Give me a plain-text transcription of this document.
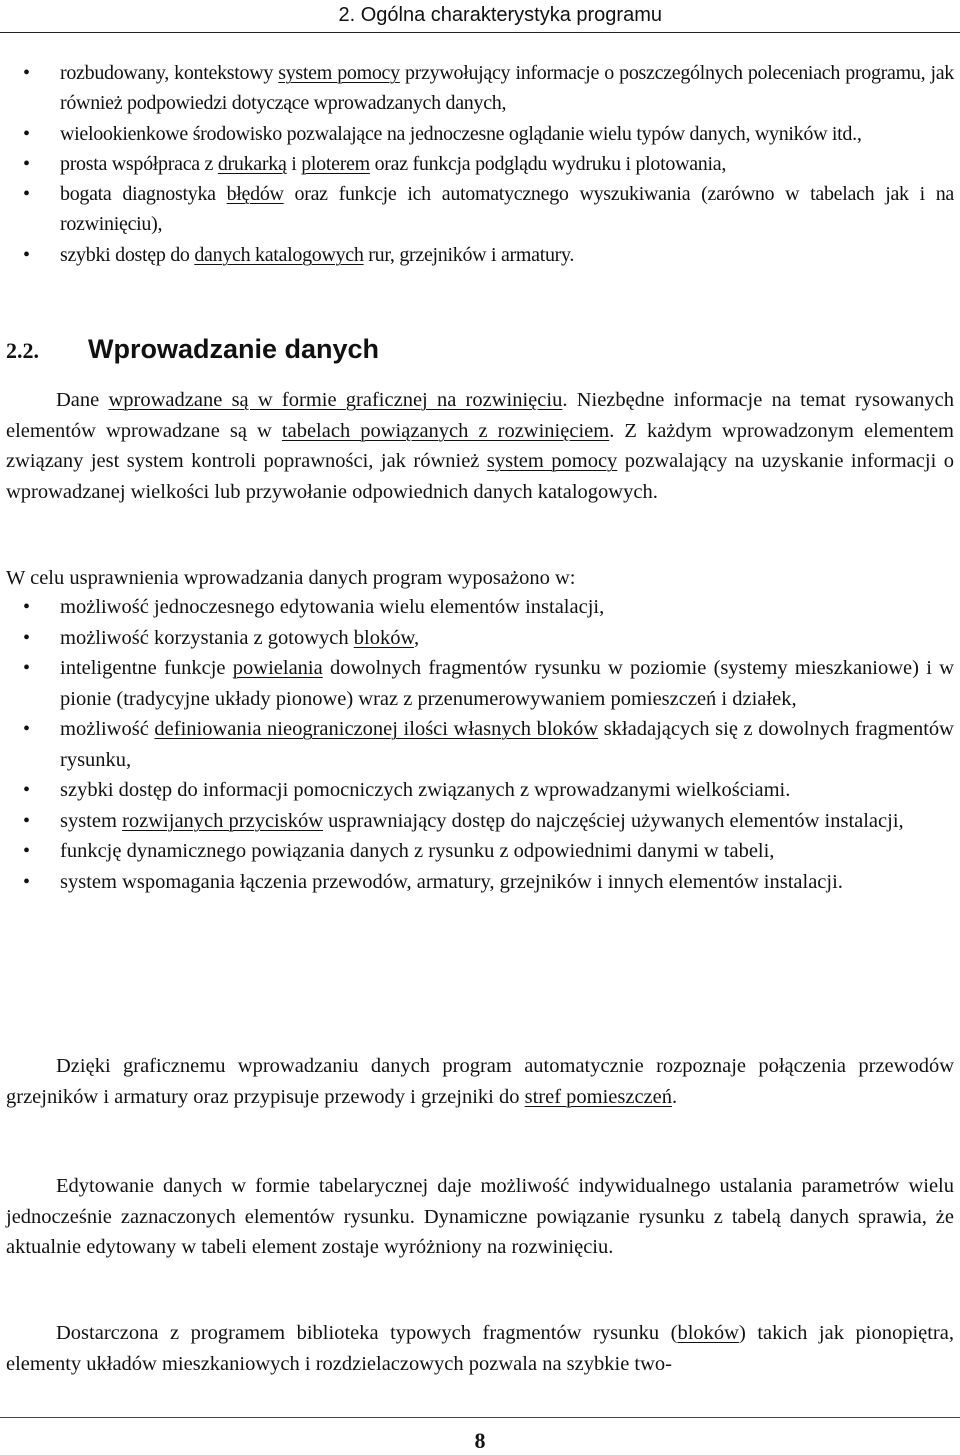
2. Ogólna charakterystyka programu
• rozbudowany, kontekstowy system pomocy przywołujący informacje o poszczególnych poleceniach programu, jak również podpowiedzi dotyczące wprowadzanych danych,
• wielookienkowe środowisko pozwalające na jednoczesne oglądanie wielu typów danych, wyników itd.,
• prosta współpraca z drukarką i ploterem oraz funkcja podglądu wydruku i plotowania,
• bogata diagnostyka błędów oraz funkcje ich automatycznego wyszukiwania (zarówno w tabelach jak i na rozwinięciu),
• szybki dostęp do danych katalogowych rur, grzejników i armatury.
2.2. Wprowadzanie danych

Dane wprowadzane są w formie graficznej na rozwinięciu. Niezbędne informacje na temat rysowanych elementów wprowadzane są w tabelach powiązanych z rozwinięciem. Z każdym wprowadzonym elementem związany jest system kontroli poprawności, jak również system pomocy pozwalający na uzyskanie informacji o wprowadzanej wielkości lub przywołanie odpowiednich danych katalogowych.

W celu usprawnienia wprowadzania danych program wyposażono w:

• możliwość jednoczesnego edytowania wielu elementów instalacji,
• możliwość korzystania z gotowych bloków,
• inteligentne funkcje powielania dowolnych fragmentów rysunku w poziomie (systemy mieszkaniowe) i w pionie (tradycyjne układy pionowe) wraz z przenumerowywaniem pomieszczeń i działek,
• możliwość definiowania nieograniczonej ilości własnych bloków składających się z dowolnych fragmentów rysunku,
• szybki dostęp do informacji pomocniczych związanych z wprowadzanymi wielkościami.
• system rozwijanych przycisków usprawniający dostęp do najczęściej używanych elementów instalacji,
• funkcję dynamicznego powiązania danych z rysunku z odpowiednimi danymi w tabeli,
• system wspomagania łączenia przewodów, armatury, grzejników i innych elementów instalacji.

Dzięki graficznemu wprowadzaniu danych program automatycznie rozpoznaje połączenia przewodów grzejników i armatury oraz przypisuje przewody i grzejniki do stref pomieszczeń.

Edytowanie danych w formie tabelarycznej daje możliwość indywidualnego ustalania parametrów wielu jednocześnie zaznaczonych elementów rysunku. Dynamiczne powiązanie rysunku z tabelą danych sprawia, że aktualnie edytowany w tabeli element zostaje wyróżniony na rozwinięciu.

Dostarczona z programem biblioteka typowych fragmentów rysunku (bloków) takich jak pionopiętra, elementy układów mieszkaniowych i rozdzielaczowych pozwala na szybkie two-

8
